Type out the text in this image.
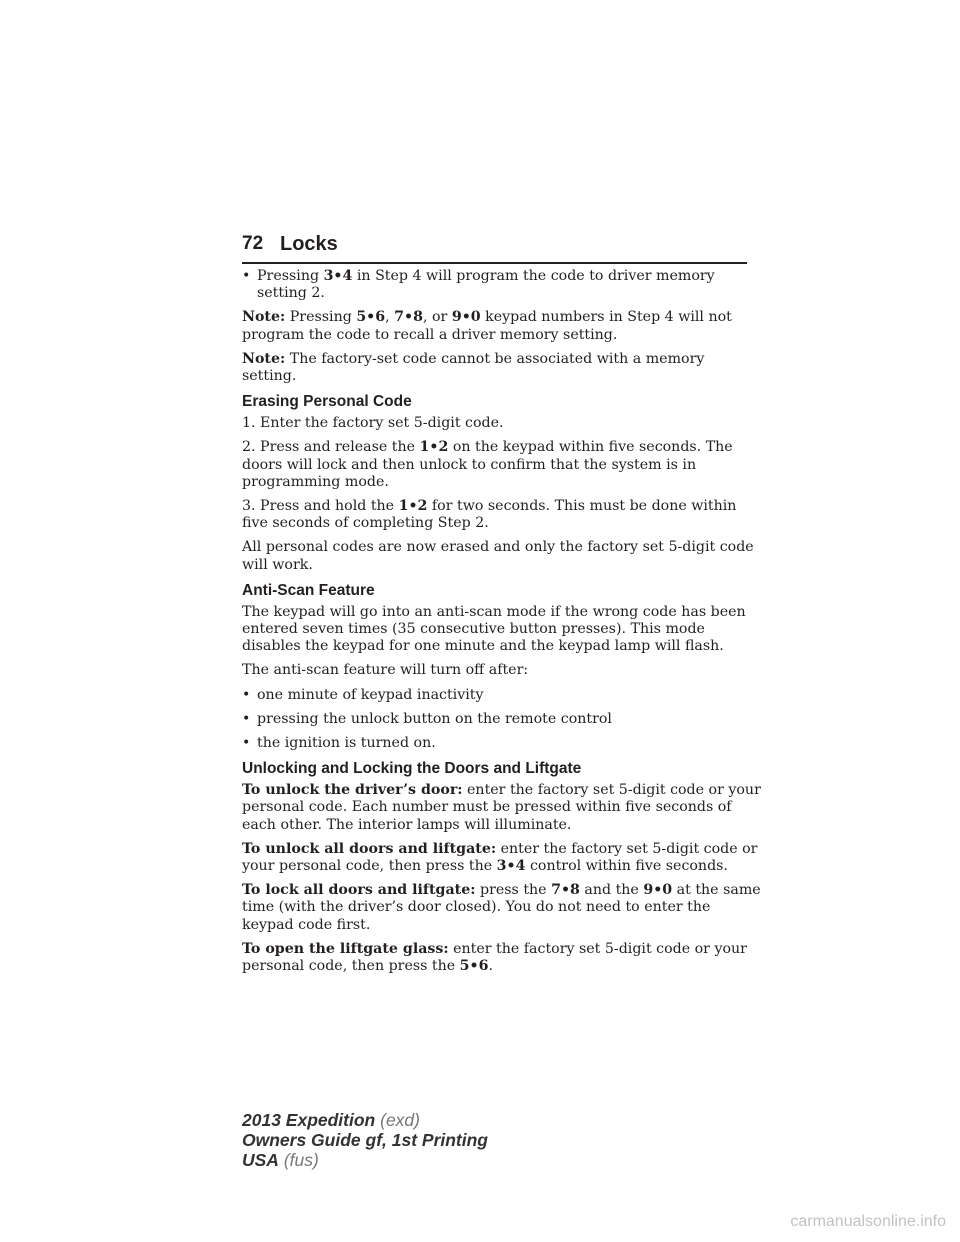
72 Locks
• Pressing 3•4 in Step 4 will program the code to driver memory setting 2.

Note: Pressing 5•6, 7•8, or 9•0 keypad numbers in Step 4 will not program the code to recall a driver memory setting.

Note: The factory-set code cannot be associated with a memory setting.

Erasing Personal Code

1. Enter the factory set 5-digit code.

2. Press and release the 1•2 on the keypad within five seconds. The doors will lock and then unlock to confirm that the system is in programming mode.

3. Press and hold the 1•2 for two seconds. This must be done within five seconds of completing Step 2.

All personal codes are now erased and only the factory set 5-digit code will work.

Anti-Scan Feature

The keypad will go into an anti-scan mode if the wrong code has been entered seven times (35 consecutive button presses). This mode disables the keypad for one minute and the keypad lamp will flash.

The anti-scan feature will turn off after:

• one minute of keypad inactivity
• pressing the unlock button on the remote control
• the ignition is turned on.
Unlocking and Locking the Doors and Liftgate

To unlock the driver’s door: enter the factory set 5-digit code or your personal code. Each number must be pressed within five seconds of each other. The interior lamps will illuminate.

To unlock all doors and liftgate: enter the factory set 5-digit code or your personal code, then press the 3•4 control within five seconds.

To lock all doors and liftgate: press the 7•8 and the 9•0 at the same time (with the driver’s door closed). You do not need to enter the keypad code first.

To open the liftgate glass: enter the factory set 5-digit code or your personal code, then press the 5•6.

2013 Expedition (exd)
Owners Guide gf, 1st Printing
USA (fus)
carmanualsonline.info
